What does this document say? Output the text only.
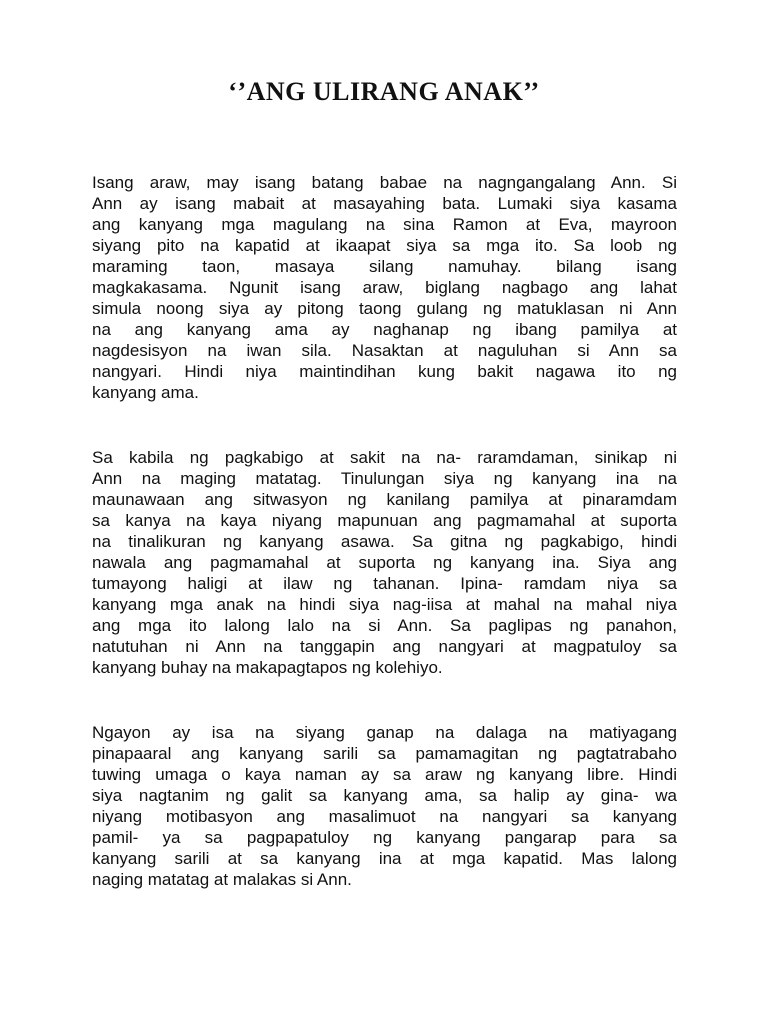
‘’ANG ULIRANG ANAK’’

Isang araw, may isang batang babae na nagngangalang Ann. Si
Ann ay isang mabait at masayahing bata. Lumaki siya kasama
ang kanyang mga magulang na sina Ramon at Eva, mayroon
siyang pito na kapatid at ikaapat siya sa mga ito. Sa loob ng
maraming taon, masaya silang namuhay. bilang isang
magkakasama. Ngunit isang araw, biglang nagbago ang lahat
simula noong siya ay pitong taong gulang ng matuklasan ni Ann
na ang kanyang ama ay naghanap ng ibang pamilya at
nagdesisyon na iwan sila. Nasaktan at naguluhan si Ann sa
nangyari. Hindi niya maintindihan kung bakit nagawa ito ng
kanyang ama.

Sa kabila ng pagkabigo at sakit na na- raramdaman, sinikap ni
Ann na maging matatag. Tinulungan siya ng kanyang ina na
maunawaan ang sitwasyon ng kanilang pamilya at pinaramdam
sa kanya na kaya niyang mapunuan ang pagmamahal at suporta
na tinalikuran ng kanyang asawa. Sa gitna ng pagkabigo, hindi
nawala ang pagmamahal at suporta ng kanyang ina. Siya ang
tumayong haligi at ilaw ng tahanan. Ipina- ramdam niya sa
kanyang mga anak na hindi siya nag-iisa at mahal na mahal niya
ang mga ito lalong lalo na si Ann. Sa paglipas ng panahon,
natutuhan ni Ann na tanggapin ang nangyari at magpatuloy sa
kanyang buhay na makapagtapos ng kolehiyo.

Ngayon ay isa na siyang ganap na dalaga na matiyagang
pinapaaral ang kanyang sarili sa pamamagitan ng pagtatrabaho
tuwing umaga o kaya naman ay sa araw ng kanyang libre. Hindi
siya nagtanim ng galit sa kanyang ama, sa halip ay gina- wa
niyang motibasyon ang masalimuot na nangyari sa kanyang
pamil- ya sa pagpapatuloy ng kanyang pangarap para sa
kanyang sarili at sa kanyang ina at mga kapatid. Mas lalong
naging matatag at malakas si Ann.
